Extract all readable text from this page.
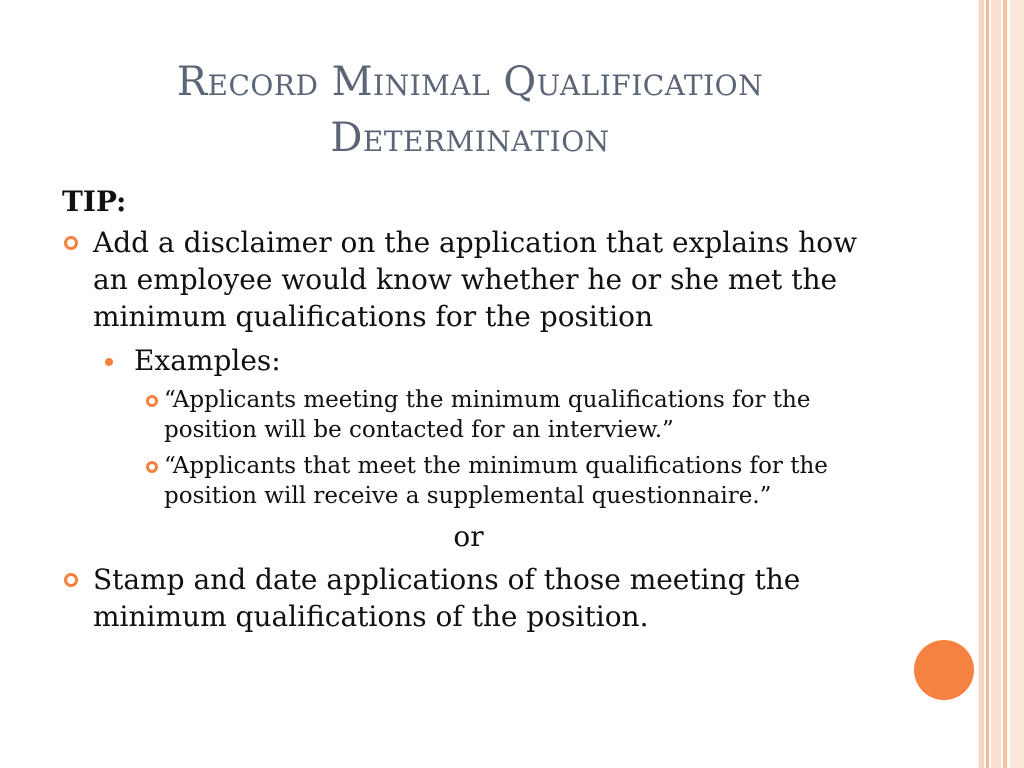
Record Minimal Qualification Determination
TIP:
Add a disclaimer on the application that explains how an employee would know whether he or she met the minimum qualifications for the position
Examples:
“Applicants meeting the minimum qualifications for the position will be contacted for an interview.”
“Applicants that meet the minimum qualifications for the position will receive a supplemental questionnaire.”
or
Stamp and date applications of those meeting the minimum qualifications of the position.
